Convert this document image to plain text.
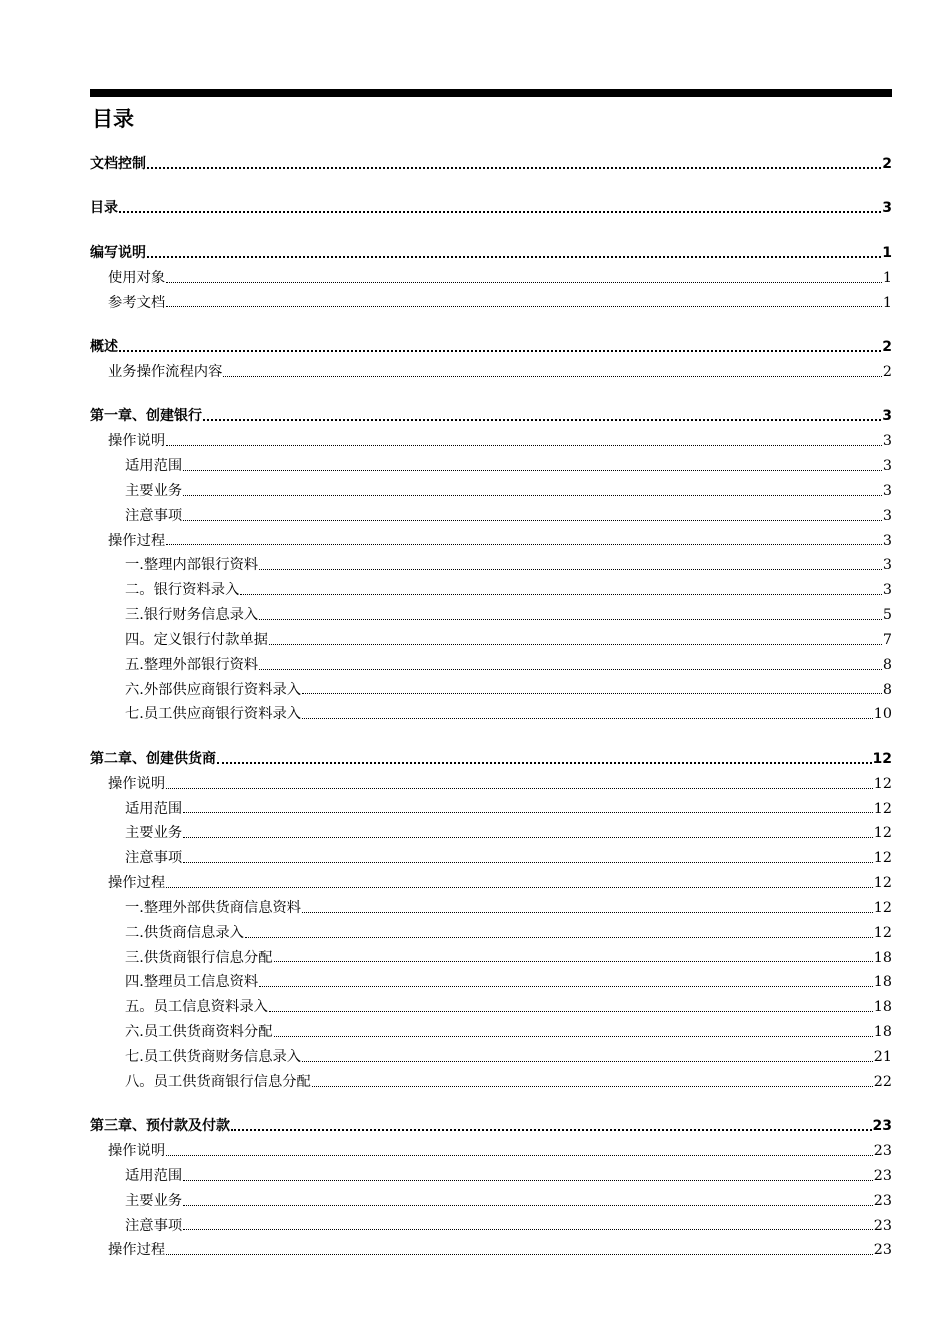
目录
文档控制	2
目录	3
编写说明	1
使用对象	1
参考文档	1
概述	2
业务操作流程内容	2
第一章、创建银行	3
操作说明	3
适用范围	3
主要业务	3
注意事项	3
操作过程	3
一.整理内部银行资料	3
二。银行资料录入	3
三.银行财务信息录入	5
四。定义银行付款单据	7
五.整理外部银行资料	8
六.外部供应商银行资料录入	8
七.员工供应商银行资料录入	10
第二章、创建供货商	12
操作说明	12
适用范围	12
主要业务	12
注意事项	12
操作过程	12
一.整理外部供货商信息资料	12
二.供货商信息录入	12
三.供货商银行信息分配	18
四.整理员工信息资料	18
五。员工信息资料录入	18
六.员工供货商资料分配	18
七.员工供货商财务信息录入	21
八。员工供货商银行信息分配	22
第三章、预付款及付款	23
操作说明	23
适用范围	23
主要业务	23
注意事项	23
操作过程	23
